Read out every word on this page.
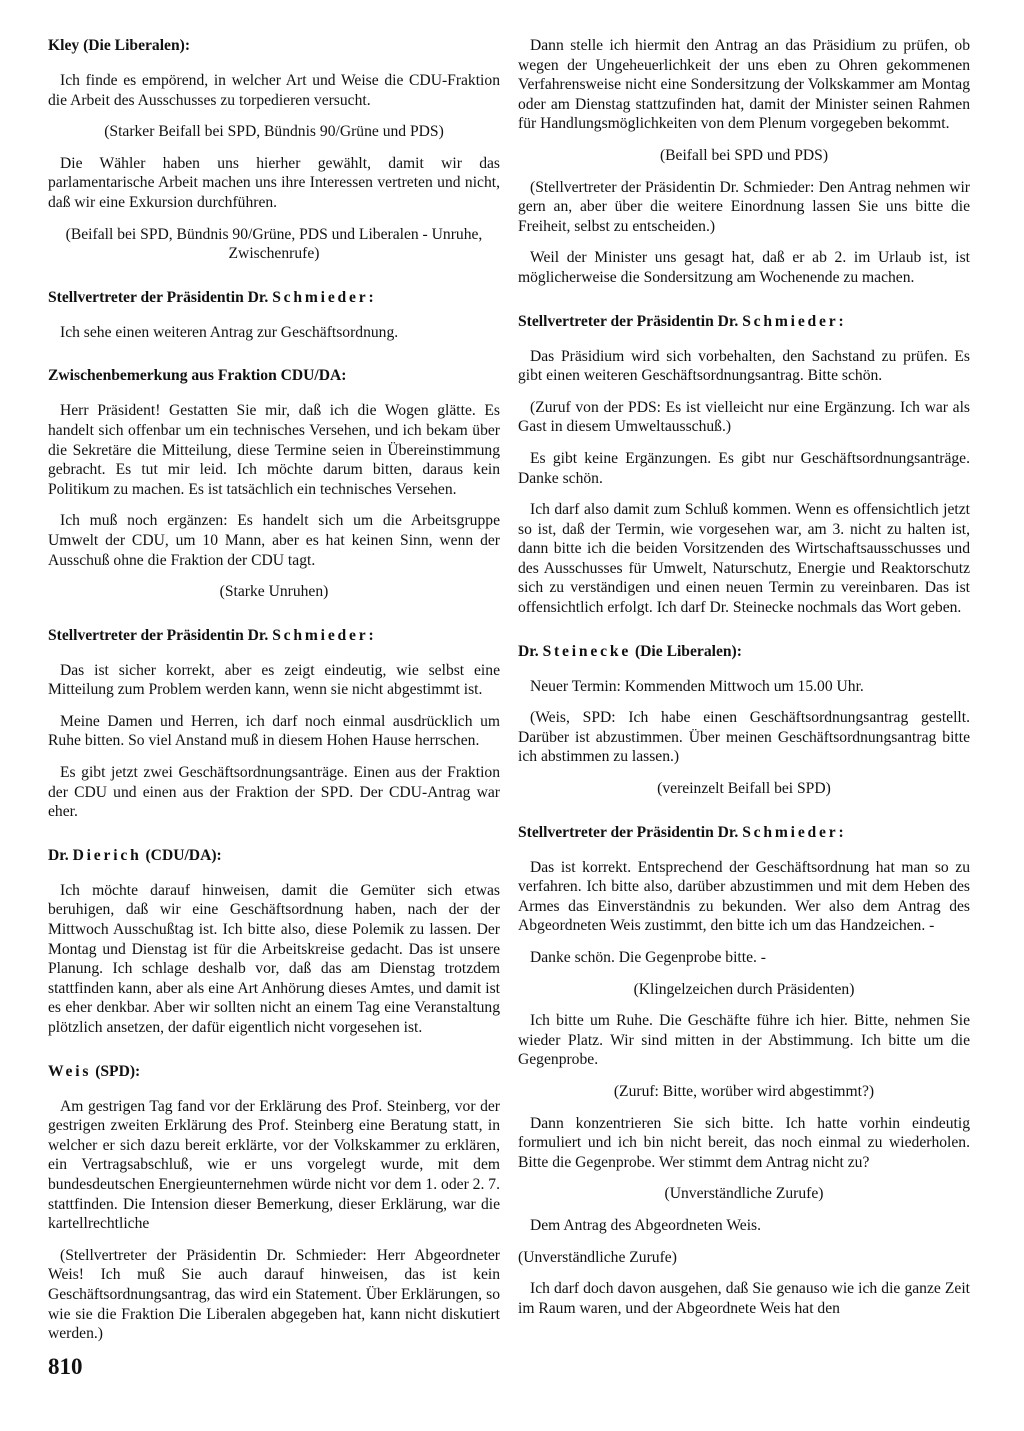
Kley (Die Liberalen):

Ich finde es empörend, in welcher Art und Weise die CDU-Fraktion die Arbeit des Ausschusses zu torpedieren versucht.

(Starker Beifall bei SPD, Bündnis 90/Grüne und PDS)

Die Wähler haben uns hierher gewählt, damit wir das parlamentarische Arbeit machen uns ihre Interessen vertreten und nicht, daß wir eine Exkursion durchführen.

(Beifall bei SPD, Bündnis 90/Grüne, PDS und Liberalen - Unruhe, Zwischenrufe)

Stellvertreter der Präsidentin Dr. Schmieder:

Ich sehe einen weiteren Antrag zur Geschäftsordnung.

Zwischenbemerkung aus Fraktion CDU/DA:

Herr Präsident! Gestatten Sie mir, daß ich die Wogen glätte. Es handelt sich offenbar um ein technisches Versehen, und ich bekam über die Sekretäre die Mitteilung, diese Termine seien in Übereinstimmung gebracht. Es tut mir leid. Ich möchte darum bitten, daraus kein Politikum zu machen. Es ist tatsächlich ein technisches Versehen.

Ich muß noch ergänzen: Es handelt sich um die Arbeitsgruppe Umwelt der CDU, um 10 Mann, aber es hat keinen Sinn, wenn der Ausschuß ohne die Fraktion der CDU tagt.

(Starke Unruhen)

Stellvertreter der Präsidentin Dr. Schmieder:

Das ist sicher korrekt, aber es zeigt eindeutig, wie selbst eine Mitteilung zum Problem werden kann, wenn sie nicht abgestimmt ist.

Meine Damen und Herren, ich darf noch einmal ausdrücklich um Ruhe bitten. So viel Anstand muß in diesem Hohen Hause herrschen.

Es gibt jetzt zwei Geschäftsordnungsanträge. Einen aus der Fraktion der CDU und einen aus der Fraktion der SPD. Der CDU-Antrag war eher.

Dr. Dierich (CDU/DA):

Ich möchte darauf hinweisen, damit die Gemüter sich etwas beruhigen, daß wir eine Geschäftsordnung haben, nach der der Mittwoch Ausschußtag ist. Ich bitte also, diese Polemik zu lassen. Der Montag und Dienstag ist für die Arbeitskreise gedacht. Das ist unsere Planung. Ich schlage deshalb vor, daß das am Dienstag trotzdem stattfinden kann, aber als eine Art Anhörung dieses Amtes, und damit ist es eher denkbar. Aber wir sollten nicht an einem Tag eine Veranstaltung plötzlich ansetzen, der dafür eigentlich nicht vorgesehen ist.

Weis (SPD):

Am gestrigen Tag fand vor der Erklärung des Prof. Steinberg, vor der gestrigen zweiten Erklärung des Prof. Steinberg eine Beratung statt, in welcher er sich dazu bereit erklärte, vor der Volkskammer zu erklären, ein Vertragsabschluß, wie er uns vorgelegt wurde, mit dem bundesdeutschen Energieunternehmen würde nicht vor dem 1. oder 2. 7. stattfinden. Die Intension dieser Bemerkung, dieser Erklärung, war die kartellrechtliche

(Stellvertreter der Präsidentin Dr. Schmieder: Herr Abgeordneter Weis! Ich muß Sie auch darauf hinweisen, das ist kein Geschäftsordnungsantrag, das wird ein Statement. Über Erklärungen, so wie sie die Fraktion Die Liberalen abgegeben hat, kann nicht diskutiert werden.)

Dann stelle ich hiermit den Antrag an das Präsidium zu prüfen, ob wegen der Ungeheuerlichkeit der uns eben zu Ohren gekommenen Verfahrensweise nicht eine Sondersitzung der Volkskammer am Montag oder am Dienstag stattzufinden hat, damit der Minister seinen Rahmen für Handlungsmöglichkeiten von dem Plenum vorgegeben bekommt.

(Beifall bei SPD und PDS)

(Stellvertreter der Präsidentin Dr. Schmieder: Den Antrag nehmen wir gern an, aber über die weitere Einordnung lassen Sie uns bitte die Freiheit, selbst zu entscheiden.)

Weil der Minister uns gesagt hat, daß er ab 2. im Urlaub ist, ist möglicherweise die Sondersitzung am Wochenende zu machen.

Stellvertreter der Präsidentin Dr. Schmieder:

Das Präsidium wird sich vorbehalten, den Sachstand zu prüfen. Es gibt einen weiteren Geschäftsordnungsantrag. Bitte schön.

(Zuruf von der PDS: Es ist vielleicht nur eine Ergänzung. Ich war als Gast in diesem Umweltausschuß.)

Es gibt keine Ergänzungen. Es gibt nur Geschäftsordnungsanträge. Danke schön.

Ich darf also damit zum Schluß kommen. Wenn es offensichtlich jetzt so ist, daß der Termin, wie vorgesehen war, am 3. nicht zu halten ist, dann bitte ich die beiden Vorsitzenden des Wirtschaftsausschusses und des Ausschusses für Umwelt, Naturschutz, Energie und Reaktorschutz sich zu verständigen und einen neuen Termin zu vereinbaren. Das ist offensichtlich erfolgt. Ich darf Dr. Steinecke nochmals das Wort geben.

Dr. Steinecke (Die Liberalen):

Neuer Termin: Kommenden Mittwoch um 15.00 Uhr.

(Weis, SPD: Ich habe einen Geschäftsordnungsantrag gestellt. Darüber ist abzustimmen. Über meinen Geschäftsordnungsantrag bitte ich abstimmen zu lassen.)

(vereinzelt Beifall bei SPD)

Stellvertreter der Präsidentin Dr. Schmieder:

Das ist korrekt. Entsprechend der Geschäftsordnung hat man so zu verfahren. Ich bitte also, darüber abzustimmen und mit dem Heben des Armes das Einverständnis zu bekunden. Wer also dem Antrag des Abgeordneten Weis zustimmt, den bitte ich um das Handzeichen. -

Danke schön. Die Gegenprobe bitte. -

(Klingelzeichen durch Präsidenten)

Ich bitte um Ruhe. Die Geschäfte führe ich hier. Bitte, nehmen Sie wieder Platz. Wir sind mitten in der Abstimmung. Ich bitte um die Gegenprobe.

(Zuruf: Bitte, worüber wird abgestimmt?)

Dann konzentrieren Sie sich bitte. Ich hatte vorhin eindeutig formuliert und ich bin nicht bereit, das noch einmal zu wiederholen. Bitte die Gegenprobe. Wer stimmt dem Antrag nicht zu?

(Unverständliche Zurufe)

Dem Antrag des Abgeordneten Weis.

(Unverständliche Zurufe)

Ich darf doch davon ausgehen, daß Sie genauso wie ich die ganze Zeit im Raum waren, und der Abgeordnete Weis hat den

810
